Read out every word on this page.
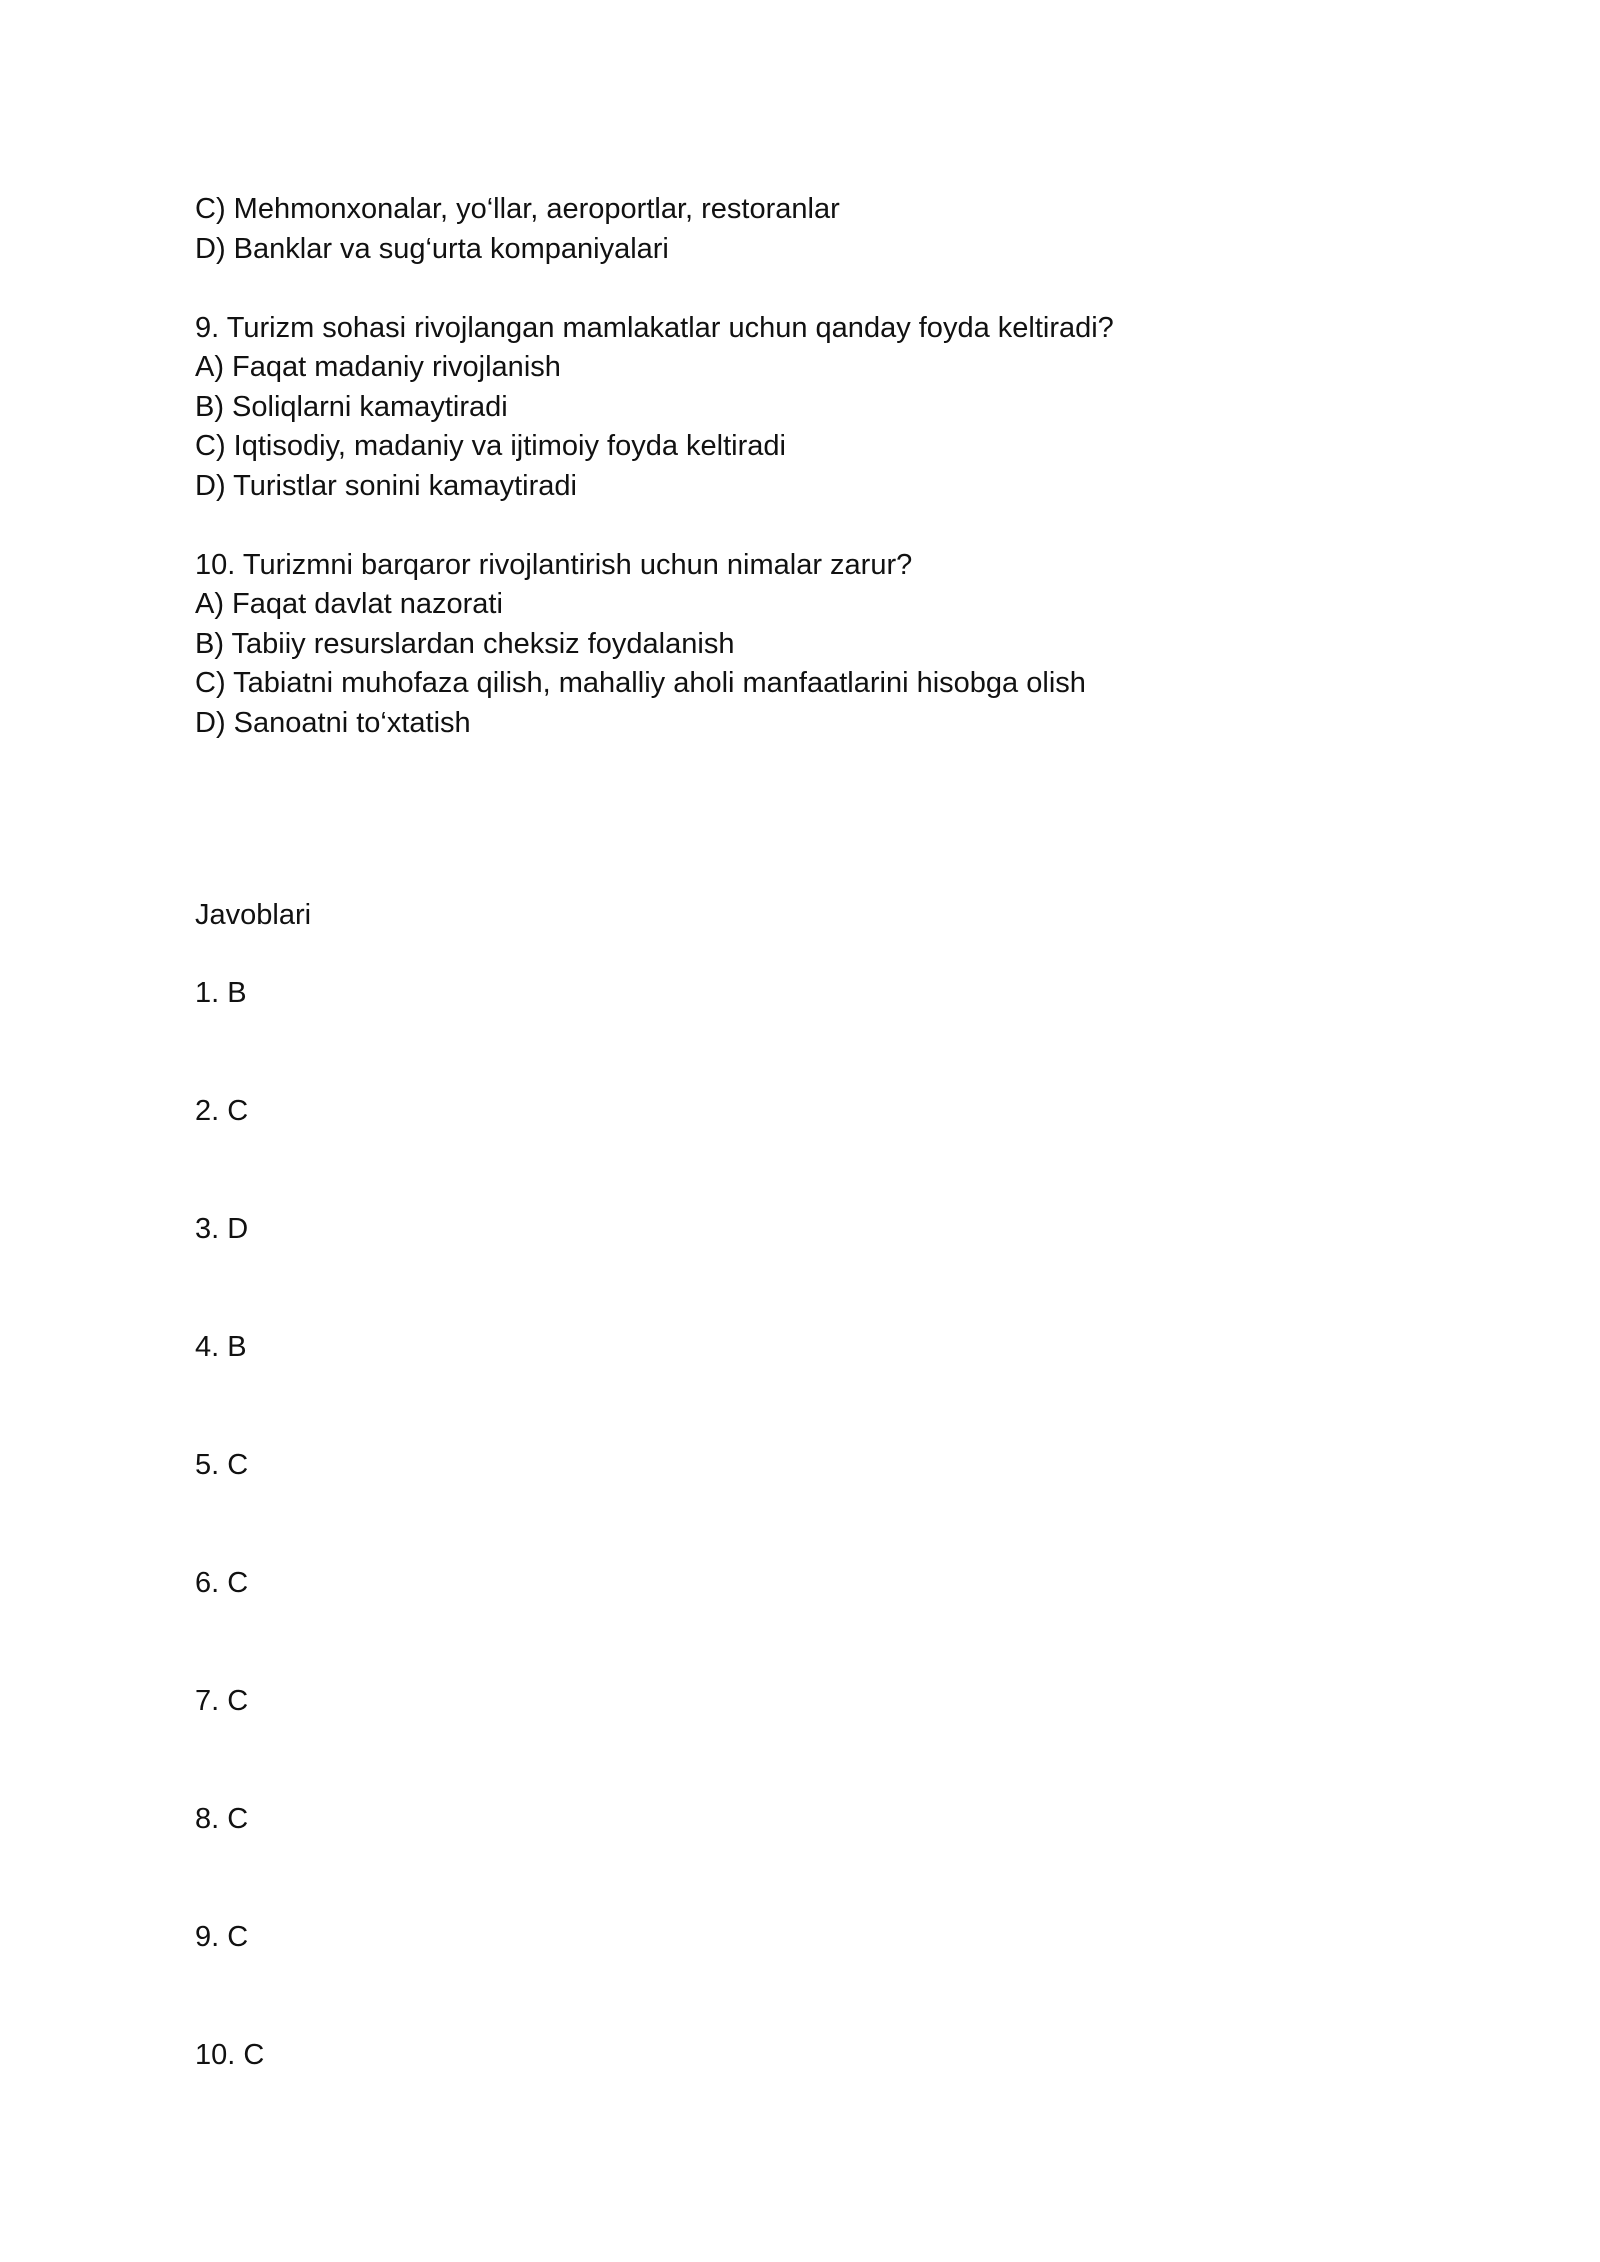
C) Mehmonxonalar, yo‘llar, aeroportlar, restoranlar
D) Banklar va sug‘urta kompaniyalari
9. Turizm sohasi rivojlangan mamlakatlar uchun qanday foyda keltiradi?
A) Faqat madaniy rivojlanish
B) Soliqlarni kamaytiradi
C) Iqtisodiy, madaniy va ijtimoiy foyda keltiradi
D) Turistlar sonini kamaytiradi
10. Turizmni barqaror rivojlantirish uchun nimalar zarur?
A) Faqat davlat nazorati
B) Tabiiy resurslardan cheksiz foydalanish
C) Tabiatni muhofaza qilish, mahalliy aholi manfaatlarini hisobga olish
D) Sanoatni to‘xtatish
Javoblari
1. B
2. C
3. D
4. B
5. C
6. C
7. C
8. C
9. C
10. C
